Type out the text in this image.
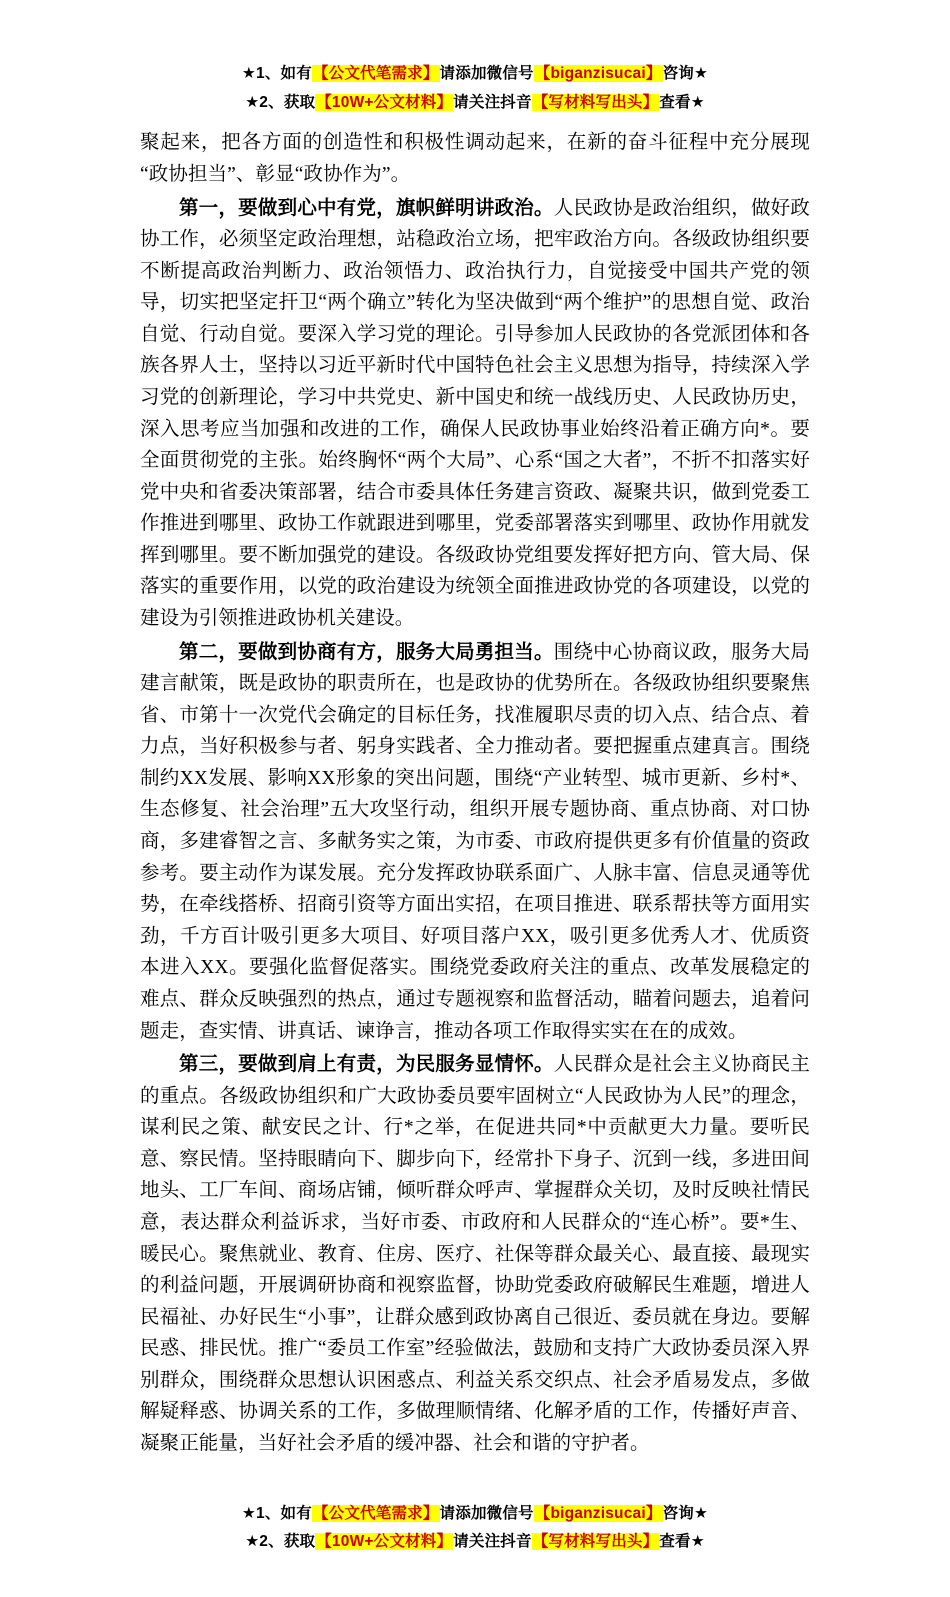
★1、如有【公文代笔需求】请添加微信号【biganzisucai】咨询★
★2、获取【10W+公文材料】请关注抖音【写材料写出头】查看★

聚起来，把各方面的创造性和积极性调动起来，在新的奋斗征程中充分展现“政协担当”、彰显“政协作为”。

第一，要做到心中有党，旗帜鲜明讲政治。人民政协是政治组织，做好政协工作，必须坚定政治理想，站稳政治立场，把牢政治方向。各级政协组织要不断提高政治判断力、政治领悟力、政治执行力，自觉接受中国共产党的领导，切实把坚定扞卫“两个确立”转化为坚决做到“两个维护”的思想自觉、政治自觉、行动自觉。要深入学习党的理论。引导参加人民政协的各党派团体和各族各界人士，坚持以习近平新时代中国特色社会主义思想为指导，持续深入学习党的创新理论，学习中共党史、新中国史和统一战线历史、人民政协历史，深入思考应当加强和改进的工作，确保人民政协事业始终沿着正确方向*。要全面贯彻党的主张。始终胸怀“两个大局”、心系“国之大者”，不折不扣落实好党中央和省委决策部署，结合市委具体任务建言资政、凝聚共识，做到党委工作推进到哪里、政协工作就跟进到哪里，党委部署落实到哪里、政协作用就发挥到哪里。要不断加强党的建设。各级政协党组要发挥好把方向、管大局、保落实的重要作用，以党的政治建设为统领全面推进政协党的各项建设，以党的建设为引领推进政协机关建设。

第二，要做到协商有方，服务大局勇担当。围绕中心协商议政，服务大局建言献策，既是政协的职责所在，也是政协的优势所在。各级政协组织要聚焦省、市第十一次党代会确定的目标任务，找准履职尽责的切入点、结合点、着力点，当好积极参与者、躬身实践者、全力推动者。要把握重点建真言。围绕制约XX发展、影响XX形象的突出问题，围绕“产业转型、城市更新、乡村*、生态修复、社会治理”五大攻坚行动，组织开展专题协商、重点协商、对口协商，多建睿智之言、多献务实之策，为市委、市政府提供更多有价值量的资政参考。要主动作为谋发展。充分发挥政协联系面广、人脉丰富、信息灵通等优势，在牵线搭桥、招商引资等方面出实招，在项目推进、联系帮扶等方面用实劲，千方百计吸引更多大项目、好项目落户XX，吸引更多优秀人才、优质资本进入XX。要强化监督促落实。围绕党委政府关注的重点、改革发展稳定的难点、群众反映强烈的热点，通过专题视察和监督活动，瞄着问题去，追着问题走，查实情、讲真话、谏诤言，推动各项工作取得实实在在的成效。

第三，要做到肩上有责，为民服务显情怀。人民群众是社会主义协商民主的重点。各级政协组织和广大政协委员要牢固树立“人民政协为人民”的理念，谋利民之策、献安民之计、行*之举，在促进共同*中贡献更大力量。要听民意、察民情。坚持眼睛向下、脚步向下，经常扑下身子、沉到一线，多进田间地头、工厂车间、商场店铺，倾听群众呼声、掌握群众关切，及时反映社情民意，表达群众利益诉求，当好市委、市政府和人民群众的“连心桥”。要*生、暖民心。聚焦就业、教育、住房、医疗、社保等群众最关心、最直接、最现实的利益问题，开展调研协商和视察监督，协助党委政府破解民生难题，增进人民福祉、办好民生“小事”，让群众感到政协离自己很近、委员就在身边。要解民惑、排民忧。推广“委员工作室”经验做法，鼓励和支持广大政协委员深入界别群众，围绕群众思想认识困惑点、利益关系交织点、社会矛盾易发点，多做解疑释惑、协调关系的工作，多做理顺情绪、化解矛盾的工作，传播好声音、凝聚正能量，当好社会矛盾的缓冲器、社会和谐的守护者。

★1、如有【公文代笔需求】请添加微信号【biganzisucai】咨询★
★2、获取【10W+公文材料】请关注抖音【写材料写出头】查看★
